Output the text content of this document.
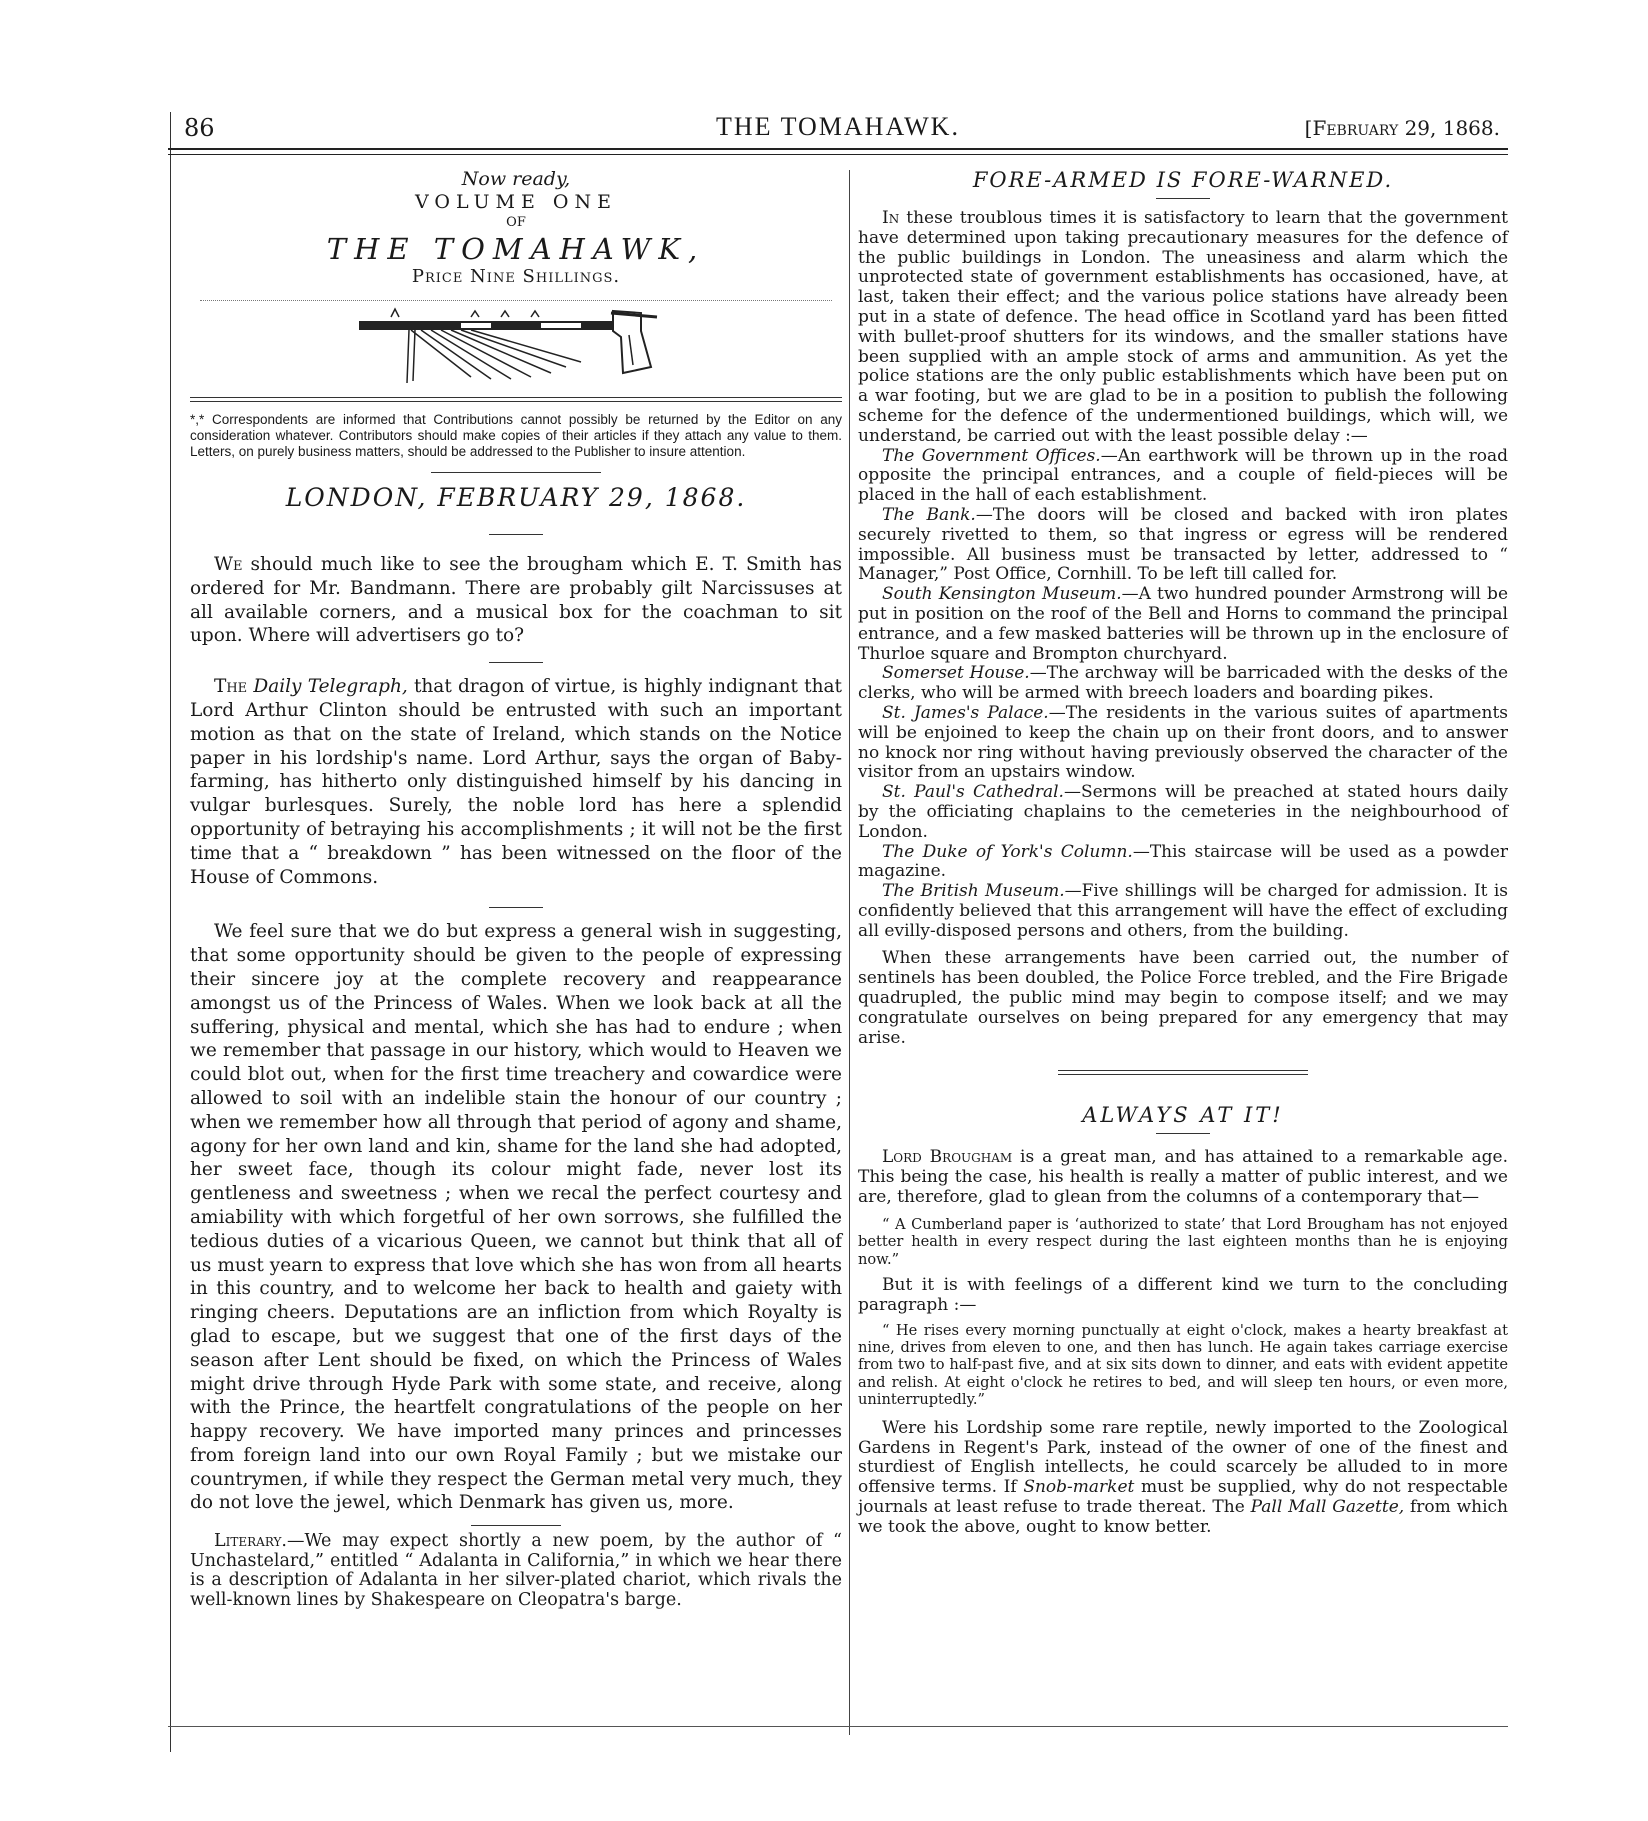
86	THE TOMAHAWK.	[February 29, 1868.
Now ready,
VOLUME ONE
OF
THE TOMAHAWK,
Price Nine Shillings.

*,* Correspondents are informed that Contributions cannot possibly be returned by the Editor on any consideration whatever. Contributors should make copies of their articles if they attach any value to them. Letters, on purely business matters, should be addressed to the Publisher to insure attention.

LONDON, FEBRUARY 29, 1868.

We should much like to see the brougham which E. T. Smith has ordered for Mr. Bandmann. There are probably gilt Narcissuses at all available corners, and a musical box for the coachman to sit upon. Where will advertisers go to?

The Daily Telegraph, that dragon of virtue, is highly indignant that Lord Arthur Clinton should be entrusted with such an important motion as that on the state of Ireland, which stands on the Notice paper in his lordship's name. Lord Arthur, says the organ of Baby-farming, has hitherto only distinguished himself by his dancing in vulgar burlesques. Surely, the noble lord has here a splendid opportunity of betraying his accomplishments ; it will not be the first time that a “ breakdown ” has been witnessed on the floor of the House of Commons.

We feel sure that we do but express a general wish in suggesting, that some opportunity should be given to the people of expressing their sincere joy at the complete recovery and reappearance amongst us of the Princess of Wales. When we look back at all the suffering, physical and mental, which she has had to endure ; when we remember that passage in our history, which would to Heaven we could blot out, when for the first time treachery and cowardice were allowed to soil with an indelible stain the honour of our country ; when we remember how all through that period of agony and shame, agony for her own land and kin, shame for the land she had adopted, her sweet face, though its colour might fade, never lost its gentleness and sweetness ; when we recal the perfect courtesy and amiability with which forgetful of her own sorrows, she fulfilled the tedious duties of a vicarious Queen, we cannot but think that all of us must yearn to express that love which she has won from all hearts in this country, and to welcome her back to health and gaiety with ringing cheers. Deputations are an infliction from which Royalty is glad to escape, but we suggest that one of the first days of the season after Lent should be fixed, on which the Princess of Wales might drive through Hyde Park with some state, and receive, along with the Prince, the heartfelt congratulations of the people on her happy recovery. We have imported many princes and princesses from foreign land into our own Royal Family ; but we mistake our countrymen, if while they respect the German metal very much, they do not love the jewel, which Denmark has given us, more.

Literary.—We may expect shortly a new poem, by the author of “ Unchastelard,” entitled “ Adalanta in California,” in which we hear there is a description of Adalanta in her silver-plated chariot, which rivals the well-known lines by Shakespeare on Cleopatra's barge.

FORE-ARMED IS FORE-WARNED.

In these troublous times it is satisfactory to learn that the government have determined upon taking precautionary measures for the defence of the public buildings in London. The uneasiness and alarm which the unprotected state of government establishments has occasioned, have, at last, taken their effect; and the various police stations have already been put in a state of defence. The head office in Scotland yard has been fitted with bullet-proof shutters for its windows, and the smaller stations have been supplied with an ample stock of arms and ammunition. As yet the police stations are the only public establishments which have been put on a war footing, but we are glad to be in a position to publish the following scheme for the defence of the undermentioned buildings, which will, we understand, be carried out with the least possible delay :—

The Government Offices.—An earthwork will be thrown up in the road opposite the principal entrances, and a couple of field-pieces will be placed in the hall of each establishment.

The Bank.—The doors will be closed and backed with iron plates securely rivetted to them, so that ingress or egress will be rendered impossible. All business must be transacted by letter, addressed to “ Manager,” Post Office, Cornhill. To be left till called for.

South Kensington Museum.—A two hundred pounder Armstrong will be put in position on the roof of the Bell and Horns to command the principal entrance, and a few masked batteries will be thrown up in the enclosure of Thurloe square and Brompton churchyard.

Somerset House.—The archway will be barricaded with the desks of the clerks, who will be armed with breech loaders and boarding pikes.

St. James's Palace.—The residents in the various suites of apartments will be enjoined to keep the chain up on their front doors, and to answer no knock nor ring without having previously observed the character of the visitor from an upstairs window.

St. Paul's Cathedral.—Sermons will be preached at stated hours daily by the officiating chaplains to the cemeteries in the neighbourhood of London.

The Duke of York's Column.—This staircase will be used as a powder magazine.

The British Museum.—Five shillings will be charged for admission. It is confidently believed that this arrangement will have the effect of excluding all evilly-disposed persons and others, from the building.

When these arrangements have been carried out, the number of sentinels has been doubled, the Police Force trebled, and the Fire Brigade quadrupled, the public mind may begin to compose itself; and we may congratulate ourselves on being prepared for any emergency that may arise.

ALWAYS AT IT!

Lord Brougham is a great man, and has attained to a remarkable age. This being the case, his health is really a matter of public interest, and we are, therefore, glad to glean from the columns of a contemporary that—

“ A Cumberland paper is ‘authorized to state’ that Lord Brougham has not enjoyed better health in every respect during the last eighteen months than he is enjoying now.”

But it is with feelings of a different kind we turn to the concluding paragraph :—

“ He rises every morning punctually at eight o'clock, makes a hearty breakfast at nine, drives from eleven to one, and then has lunch. He again takes carriage exercise from two to half-past five, and at six sits down to dinner, and eats with evident appetite and relish. At eight o'clock he retires to bed, and will sleep ten hours, or even more, uninterruptedly.”

Were his Lordship some rare reptile, newly imported to the Zoological Gardens in Regent's Park, instead of the owner of one of the finest and sturdiest of English intellects, he could scarcely be alluded to in more offensive terms. If Snob-market must be supplied, why do not respectable journals at least refuse to trade thereat. The Pall Mall Gazette, from which we took the above, ought to know better.
